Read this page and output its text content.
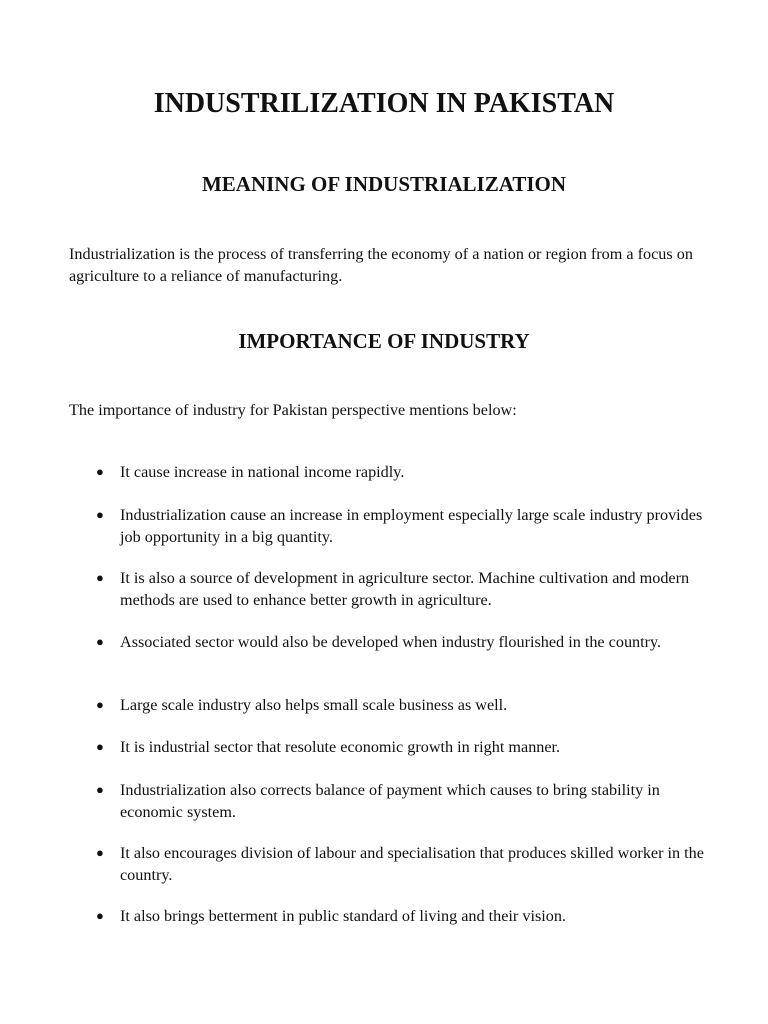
INDUSTRILIZATION IN PAKISTAN
MEANING OF INDUSTRIALIZATION

Industrialization is the process of transferring the economy of a nation or region from a focus on agriculture to a reliance of manufacturing.

IMPORTANCE OF INDUSTRY

The importance of industry for Pakistan perspective mentions below:

● It cause increase in national income rapidly.
● Industrialization cause an increase in employment especially large scale industry provides job opportunity in a big quantity.
● It is also a source of development in agriculture sector. Machine cultivation and modern methods are used to enhance better growth in agriculture.
● Associated sector would also be developed when industry flourished in the country.
● Large scale industry also helps small scale business as well.
● It is industrial sector that resolute economic growth in right manner.
● Industrialization also corrects balance of payment which causes to bring stability in economic system.
● It also encourages division of labour and specialisation that produces skilled worker in the country.
● It also brings betterment in public standard of living and their vision.
